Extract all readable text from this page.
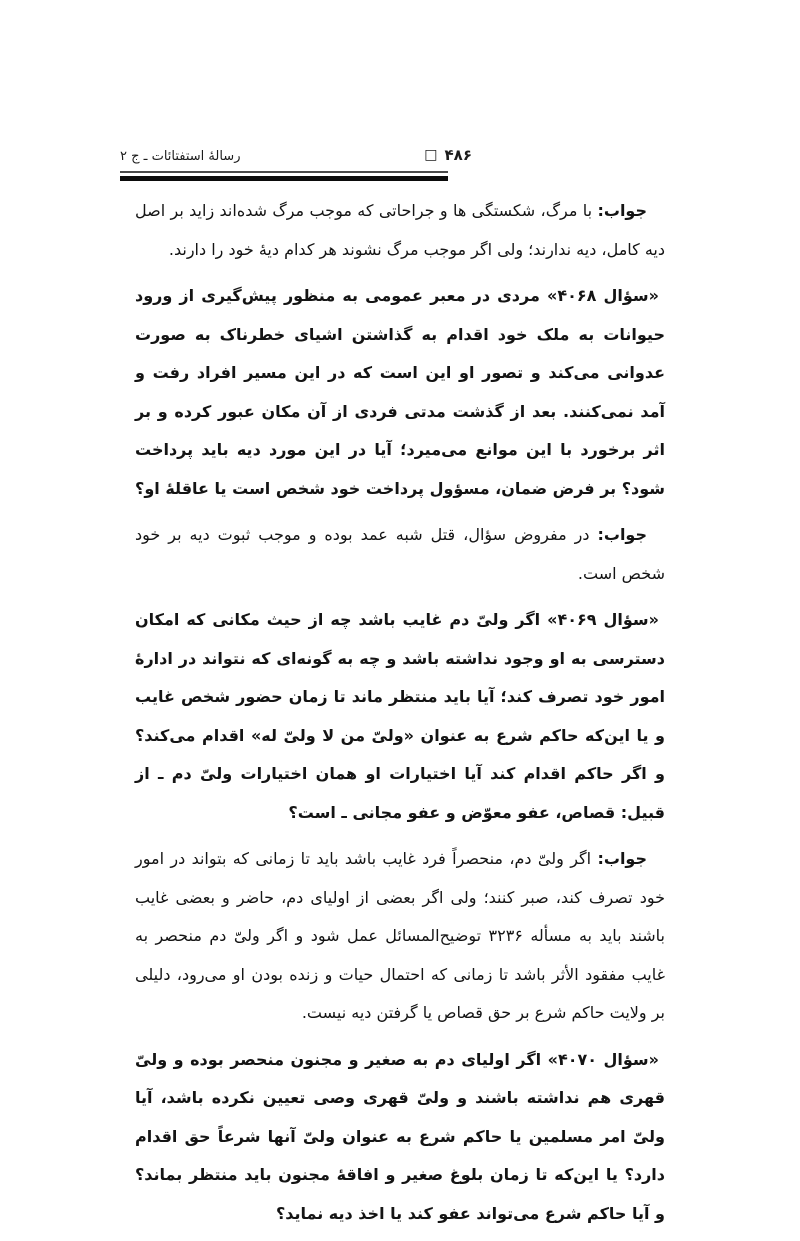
رسالهٔ استفتائات ـ ج ۲	□ ۴۸۶

جواب: با مرگ، شکستگی ها و جراحاتی که موجب مرگ شده‌اند زاید بر اصل دیه کامل، دیه ندارند؛ ولی اگر موجب مرگ نشوند هر کدام دیهٔ خود را دارند.

«سؤال ۴۰۶۸» مردی در معبر عمومی به منظور پیش‌گیری از ورود حیوانات به ملک خود اقدام به گذاشتن اشیای خطرناک به صورت عدوانی می‌کند و تصور او این است که در این مسیر افراد رفت و آمد نمی‌کنند. بعد از گذشت مدتی فردی از آن مکان عبور کرده و بر اثر برخورد با این موانع می‌میرد؛ آیا در این مورد دیه باید پرداخت شود؟ بر فرض ضمان، مسؤول پرداخت خود شخص است یا عاقلهٔ او؟

جواب: در مفروض سؤال، قتل شبه عمد بوده و موجب ثبوت دیه بر خود شخص است.

«سؤال ۴۰۶۹» اگر ولیّ دم غایب باشد چه از حیث مکانی که امکان دسترسی به او وجود نداشته باشد و چه به گونه‌ای که نتواند در ادارهٔ امور خود تصرف کند؛ آیا باید منتظر ماند تا زمان حضور شخص غایب و یا این‌که حاکم شرع به عنوان «ولیّ من لا ولیّ له» اقدام می‌کند؟ و اگر حاکم اقدام کند آیا اختیارات او همان اختیارات ولیّ دم ـ از قبیل: قصاص، عفو معوّض و عفو مجانی ـ است؟

جواب: اگر ولیّ دم، منحصراً فرد غایب باشد باید تا زمانی که بتواند در امور خود تصرف کند، صبر کنند؛ ولی اگر بعضی از اولیای دم، حاضر و بعضی غایب باشند باید به مسأله ۳۲۳۶ توضیح‌المسائل عمل شود و اگر ولیّ دم منحصر به غایب مفقود الأثر باشد تا زمانی که احتمال حیات و زنده بودن او می‌رود، دلیلی بر ولایت حاکم شرع بر حق قصاص یا گرفتن دیه نیست.

«سؤال ۴۰۷۰» اگر اولیای دم به صغیر و مجنون منحصر بوده و ولیّ قهری هم نداشته باشند و ولیّ قهری وصی تعیین نکرده باشد، آیا ولیّ امر مسلمین یا حاکم شرع به عنوان ولیّ آنها شرعاً حق اقدام دارد؟ یا این‌که تا زمان بلوغ صغیر و افاقهٔ مجنون باید منتظر بماند؟ و آیا حاکم شرع می‌تواند عفو کند یا اخذ دیه نماید؟
